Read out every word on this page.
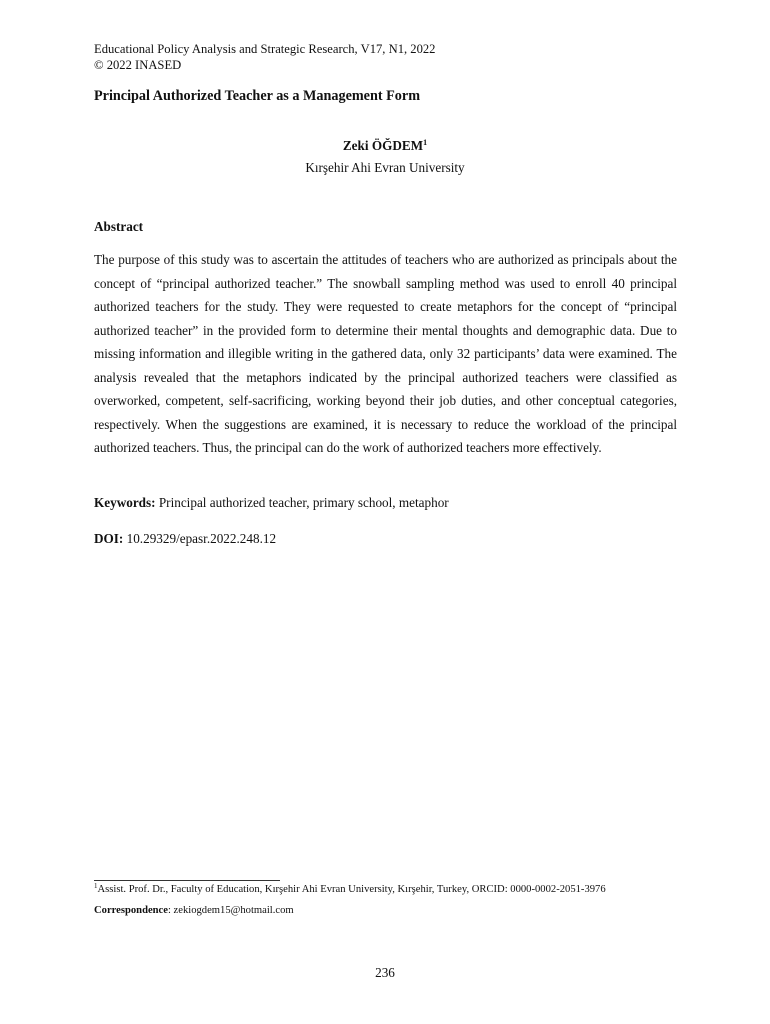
Educational Policy Analysis and Strategic Research, V17, N1, 2022
© 2022 INASED
Principal Authorized Teacher as a Management Form
Zeki ÖĞDEM$^1$
Kırşehir Ahi Evran University
Abstract

The purpose of this study was to ascertain the attitudes of teachers who are authorized as principals about the concept of “principal authorized teacher.” The snowball sampling method was used to enroll 40 principal authorized teachers for the study. They were requested to create metaphors for the concept of “principal authorized teacher” in the provided form to determine their mental thoughts and demographic data. Due to missing information and illegible writing in the gathered data, only 32 participants’ data were examined. The analysis revealed that the metaphors indicated by the principal authorized teachers were classified as overworked, competent, self-sacrificing, working beyond their job duties, and other conceptual categories, respectively. When the suggestions are examined, it is necessary to reduce the workload of the principal authorized teachers. Thus, the principal can do the work of authorized teachers more effectively.

Keywords: Principal authorized teacher, primary school, metaphor
DOI: 10.29329/epasr.2022.248.12
$^1$Assist. Prof. Dr., Faculty of Education, Kırşehir Ahi Evran University, Kırşehir, Turkey, ORCID: 0000-0002-2051-3976
Correspondence: zekiogdem15@hotmail.com
236
